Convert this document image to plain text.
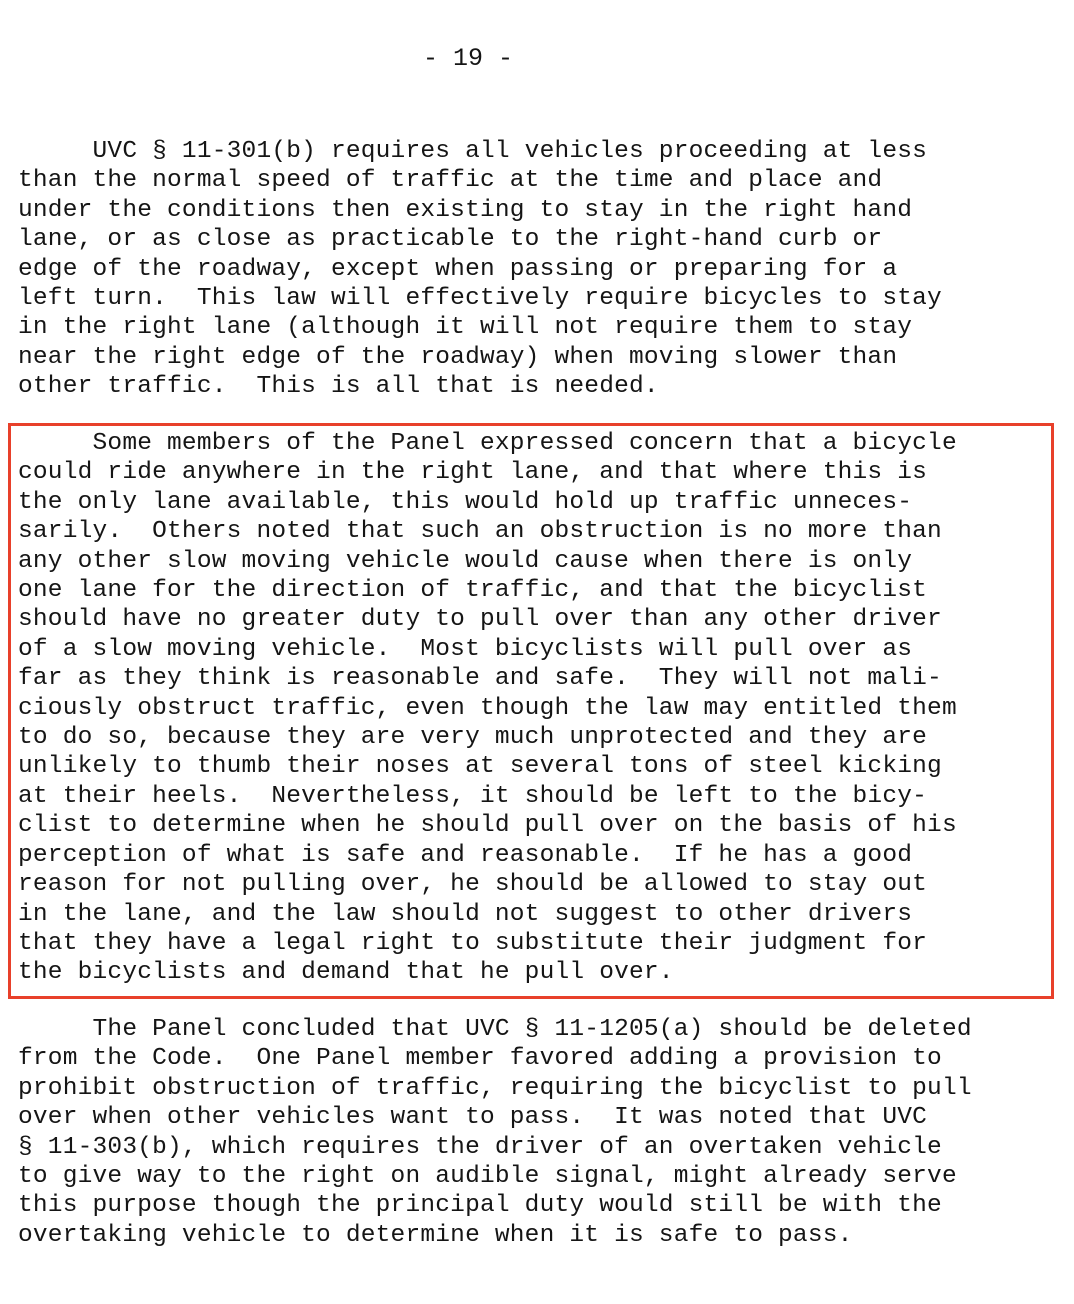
- 19 -
UVC § 11-301(b) requires all vehicles proceeding at less
than the normal speed of traffic at the time and place and
under the conditions then existing to stay in the right hand
lane, or as close as practicable to the right-hand curb or
edge of the roadway, except when passing or preparing for a
left turn.  This law will effectively require bicycles to stay
in the right lane (although it will not require them to stay
near the right edge of the roadway) when moving slower than
other traffic.  This is all that is needed.
Some members of the Panel expressed concern that a bicycle
could ride anywhere in the right lane, and that where this is
the only lane available, this would hold up traffic unneces-
sarily.  Others noted that such an obstruction is no more than
any other slow moving vehicle would cause when there is only
one lane for the direction of traffic, and that the bicyclist
should have no greater duty to pull over than any other driver
of a slow moving vehicle.  Most bicyclists will pull over as
far as they think is reasonable and safe.  They will not mali-
ciously obstruct traffic, even though the law may entitled them
to do so, because they are very much unprotected and they are
unlikely to thumb their noses at several tons of steel kicking
at their heels.  Nevertheless, it should be left to the bicy-
clist to determine when he should pull over on the basis of his
perception of what is safe and reasonable.  If he has a good
reason for not pulling over, he should be allowed to stay out
in the lane, and the law should not suggest to other drivers
that they have a legal right to substitute their judgment for
the bicyclists and demand that he pull over.
The Panel concluded that UVC § 11-1205(a) should be deleted
from the Code.  One Panel member favored adding a provision to
prohibit obstruction of traffic, requiring the bicyclist to pull
over when other vehicles want to pass.  It was noted that UVC
§ 11-303(b), which requires the driver of an overtaken vehicle
to give way to the right on audible signal, might already serve
this purpose though the principal duty would still be with the
overtaking vehicle to determine when it is safe to pass.
